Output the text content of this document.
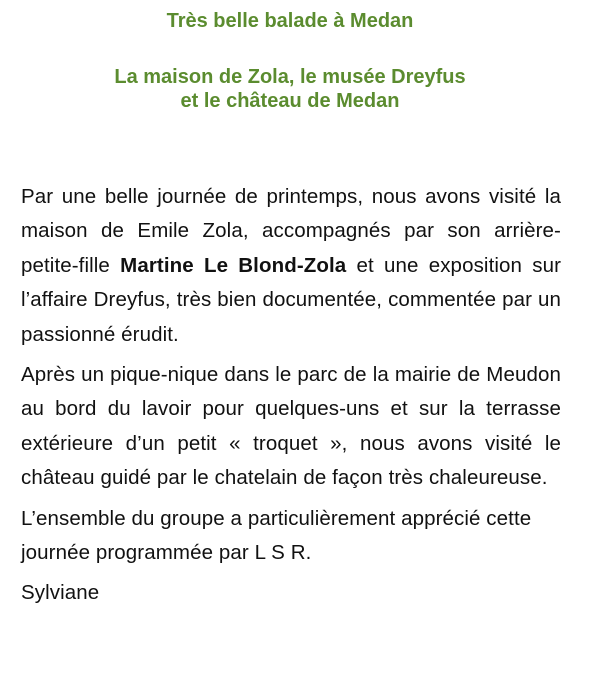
Très belle balade à Medan
La maison de Zola, le musée Dreyfus
et le château de Medan

Par une belle journée de printemps, nous avons visité la maison de Emile Zola, accompagnés par son arrière-petite-fille Martine Le Blond-Zola et une exposition sur l’affaire Dreyfus, très bien documentée, commentée par un passionné érudit.

Après un pique-nique dans le parc de la mairie de Meudon au bord du lavoir pour quelques-uns et sur la terrasse extérieure d’un petit « troquet », nous avons visité le château guidé par le chatelain de façon très chaleureuse.

L’ensemble du groupe a particulièrement apprécié cette journée programmée par L S R.

Sylviane
